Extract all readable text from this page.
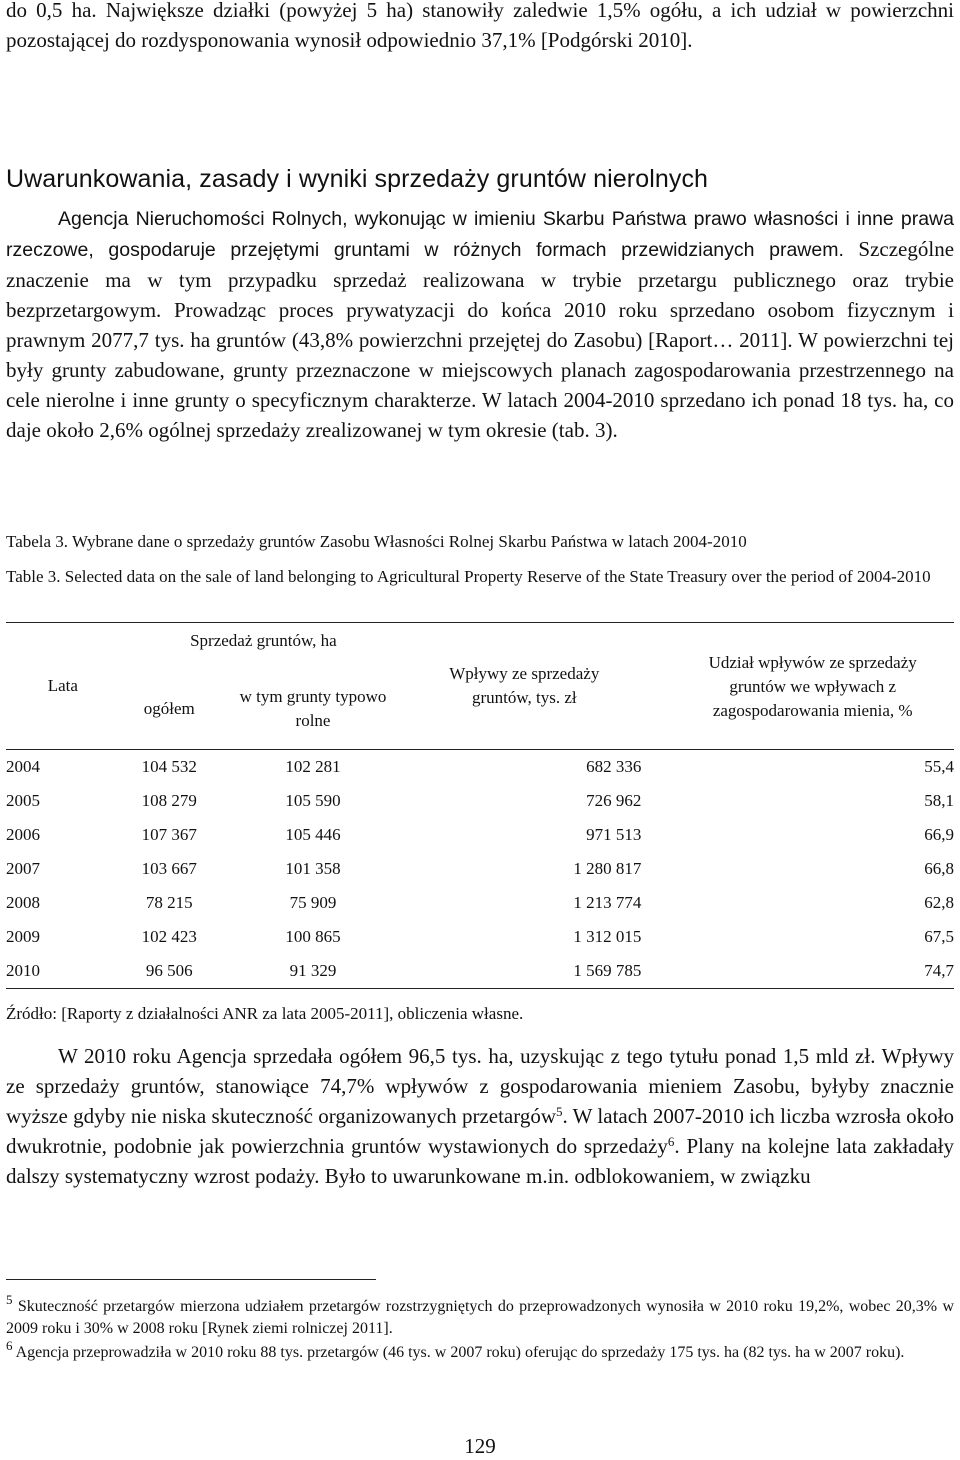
do 0,5 ha. Największe działki (powyżej 5 ha) stanowiły zaledwie 1,5% ogółu, a ich udział w powierzchni pozostającej do rozdysponowania wynosił odpowiednio 37,1% [Podgórski 2010].

Uwarunkowania, zasady i wyniki sprzedaży gruntów nierolnych

Agencja Nieruchomości Rolnych, wykonując w imieniu Skarbu Państwa prawo własności i inne prawa rzeczowe, gospodaruje przejętymi gruntami w różnych formach przewidzianych prawem. Szczególne znaczenie ma w tym przypadku sprzedaż realizowana w trybie przetargu publicznego oraz trybie bezprzetargowym. Prowadząc proces prywatyzacji do końca 2010 roku sprzedano osobom fizycznym i prawnym 2077,7 tys. ha gruntów (43,8% powierzchni przejętej do Zasobu) [Raport… 2011]. W powierzchni tej były grunty zabudowane, grunty przeznaczone w miejscowych planach zagospodarowania przestrzennego na cele nierolne i inne grunty o specyficznym charakterze. W latach 2004-2010 sprzedano ich ponad 18 tys. ha, co daje około 2,6% ogólnej sprzedaży zrealizowanej w tym okresie (tab. 3).

Tabela 3. Wybrane dane o sprzedaży gruntów Zasobu Własności Rolnej Skarbu Państwa w latach 2004-2010

Table 3. Selected data on the sale of land belonging to Agricultural Property Reserve of the State Treasury over the period of 2004-2010

Lata	Sprzedaż gruntów, ha		Wpływy ze sprzedaży gruntów, tys. zł	Udział wpływów ze sprzedaży gruntów we wpływach z zagospodarowania mienia, %
	ogółem	w tym grunty typowo rolne		
2004	104 532	102 281	682 336	55,4
2005	108 279	105 590	726 962	58,1
2006	107 367	105 446	971 513	66,9
2007	103 667	101 358	1 280 817	66,8
2008	78 215	75 909	1 213 774	62,8
2009	102 423	100 865	1 312 015	67,5
2010	96 506	91 329	1 569 785	74,7

Źródło: [Raporty z działalności ANR za lata 2005-2011], obliczenia własne.

W 2010 roku Agencja sprzedała ogółem 96,5 tys. ha, uzyskując z tego tytułu ponad 1,5 mld zł. Wpływy ze sprzedaży gruntów, stanowiące 74,7% wpływów z gospodarowania mieniem Zasobu, byłyby znacznie wyższe gdyby nie niska skuteczność organizowanych przetargów$^5$. W latach 2007-2010 ich liczba wzrosła około dwukrotnie, podobnie jak powierzchnia gruntów wystawionych do sprzedaży$^6$. Plany na kolejne lata zakładały dalszy systematyczny wzrost podaży. Było to uwarunkowane m.in. odblokowaniem, w związku

$^5$ Skuteczność przetargów mierzona udziałem przetargów rozstrzygniętych do przeprowadzonych wynosiła w 2010 roku 19,2%, wobec 20,3% w 2009 roku i 30% w 2008 roku [Rynek ziemi rolniczej 2011].

$^6$ Agencja przeprowadziła w 2010 roku 88 tys. przetargów (46 tys. w 2007 roku) oferując do sprzedaży 175 tys. ha (82 tys. ha w 2007 roku).

129
